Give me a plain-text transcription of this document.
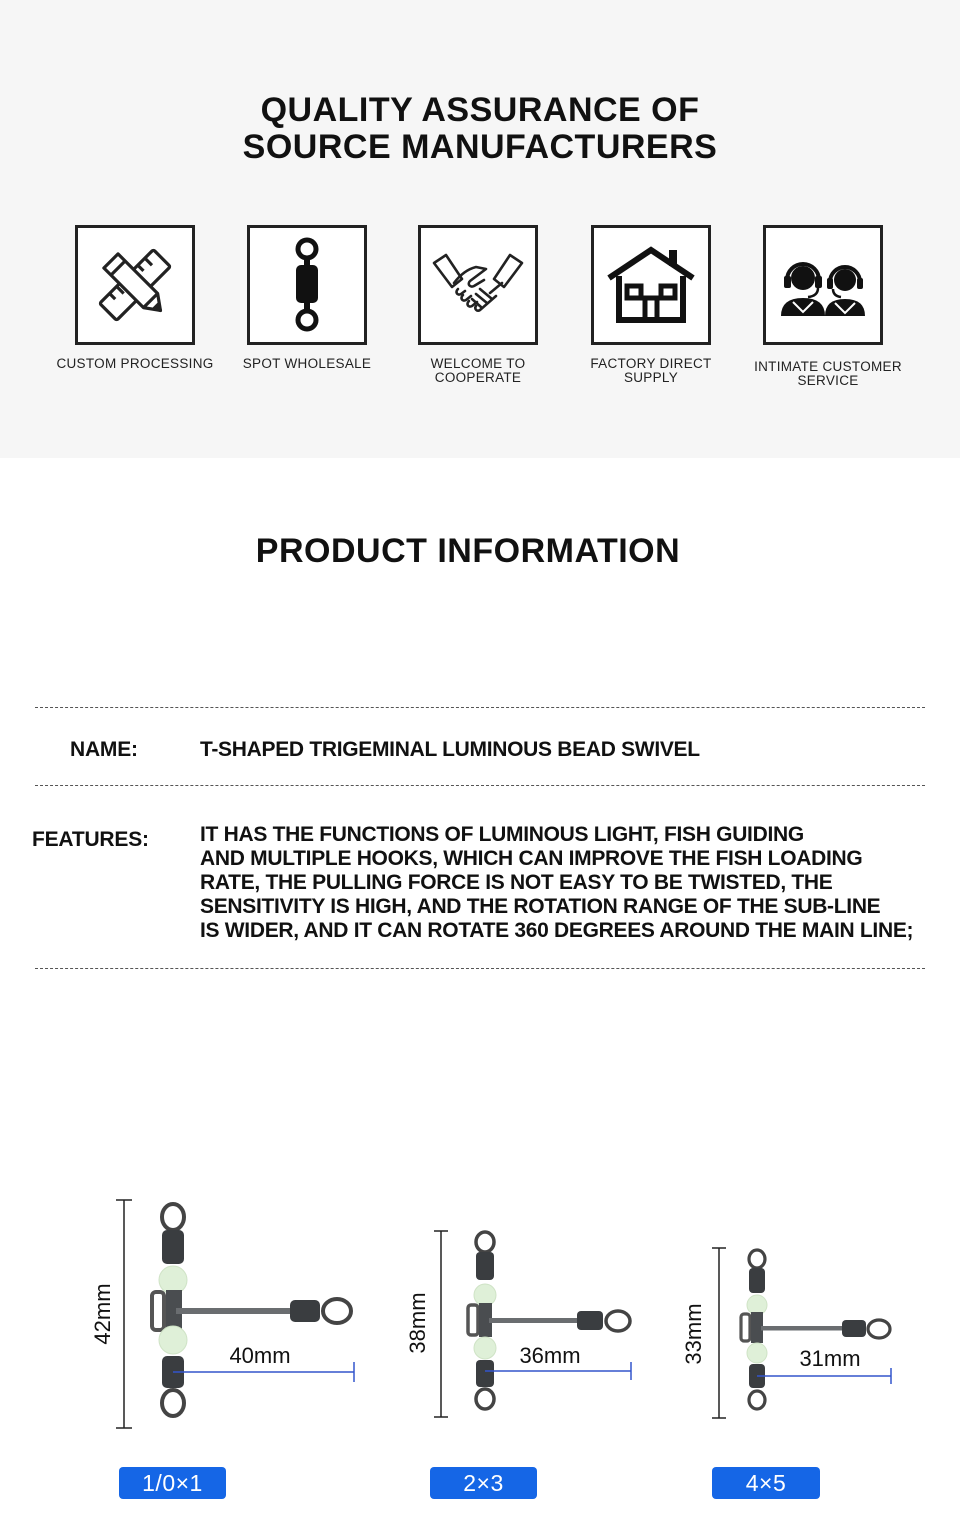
QUALITY ASSURANCE OF
SOURCE MANUFACTURERS
CUSTOM PROCESSING	SPOT WHOLESALE	WELCOME TO COOPERATE
FACTORY DIRECT SUPPLY
INTIMATE CUSTOMER SERVICE
PRODUCT INFORMATION
NAME:	T-SHAPED TRIGEMINAL LUMINOUS BEAD SWIVEL
FEATURES: IT HAS THE FUNCTIONS OF LUMINOUS LIGHT, FISH GUIDING
AND MULTIPLE HOOKS, WHICH CAN IMPROVE THE FISH LOADING
RATE, THE PULLING FORCE IS NOT EASY TO BE TWISTED, THE
SENSITIVITY IS HIGH, AND THE ROTATION RANGE OF THE SUB-LINE
IS WIDER, AND IT CAN ROTATE 360 DEGREES AROUND THE MAIN LINE;
42mm
40mm
1/0×1
38mm
36mm
2×3
33mm	31mm
4×5
